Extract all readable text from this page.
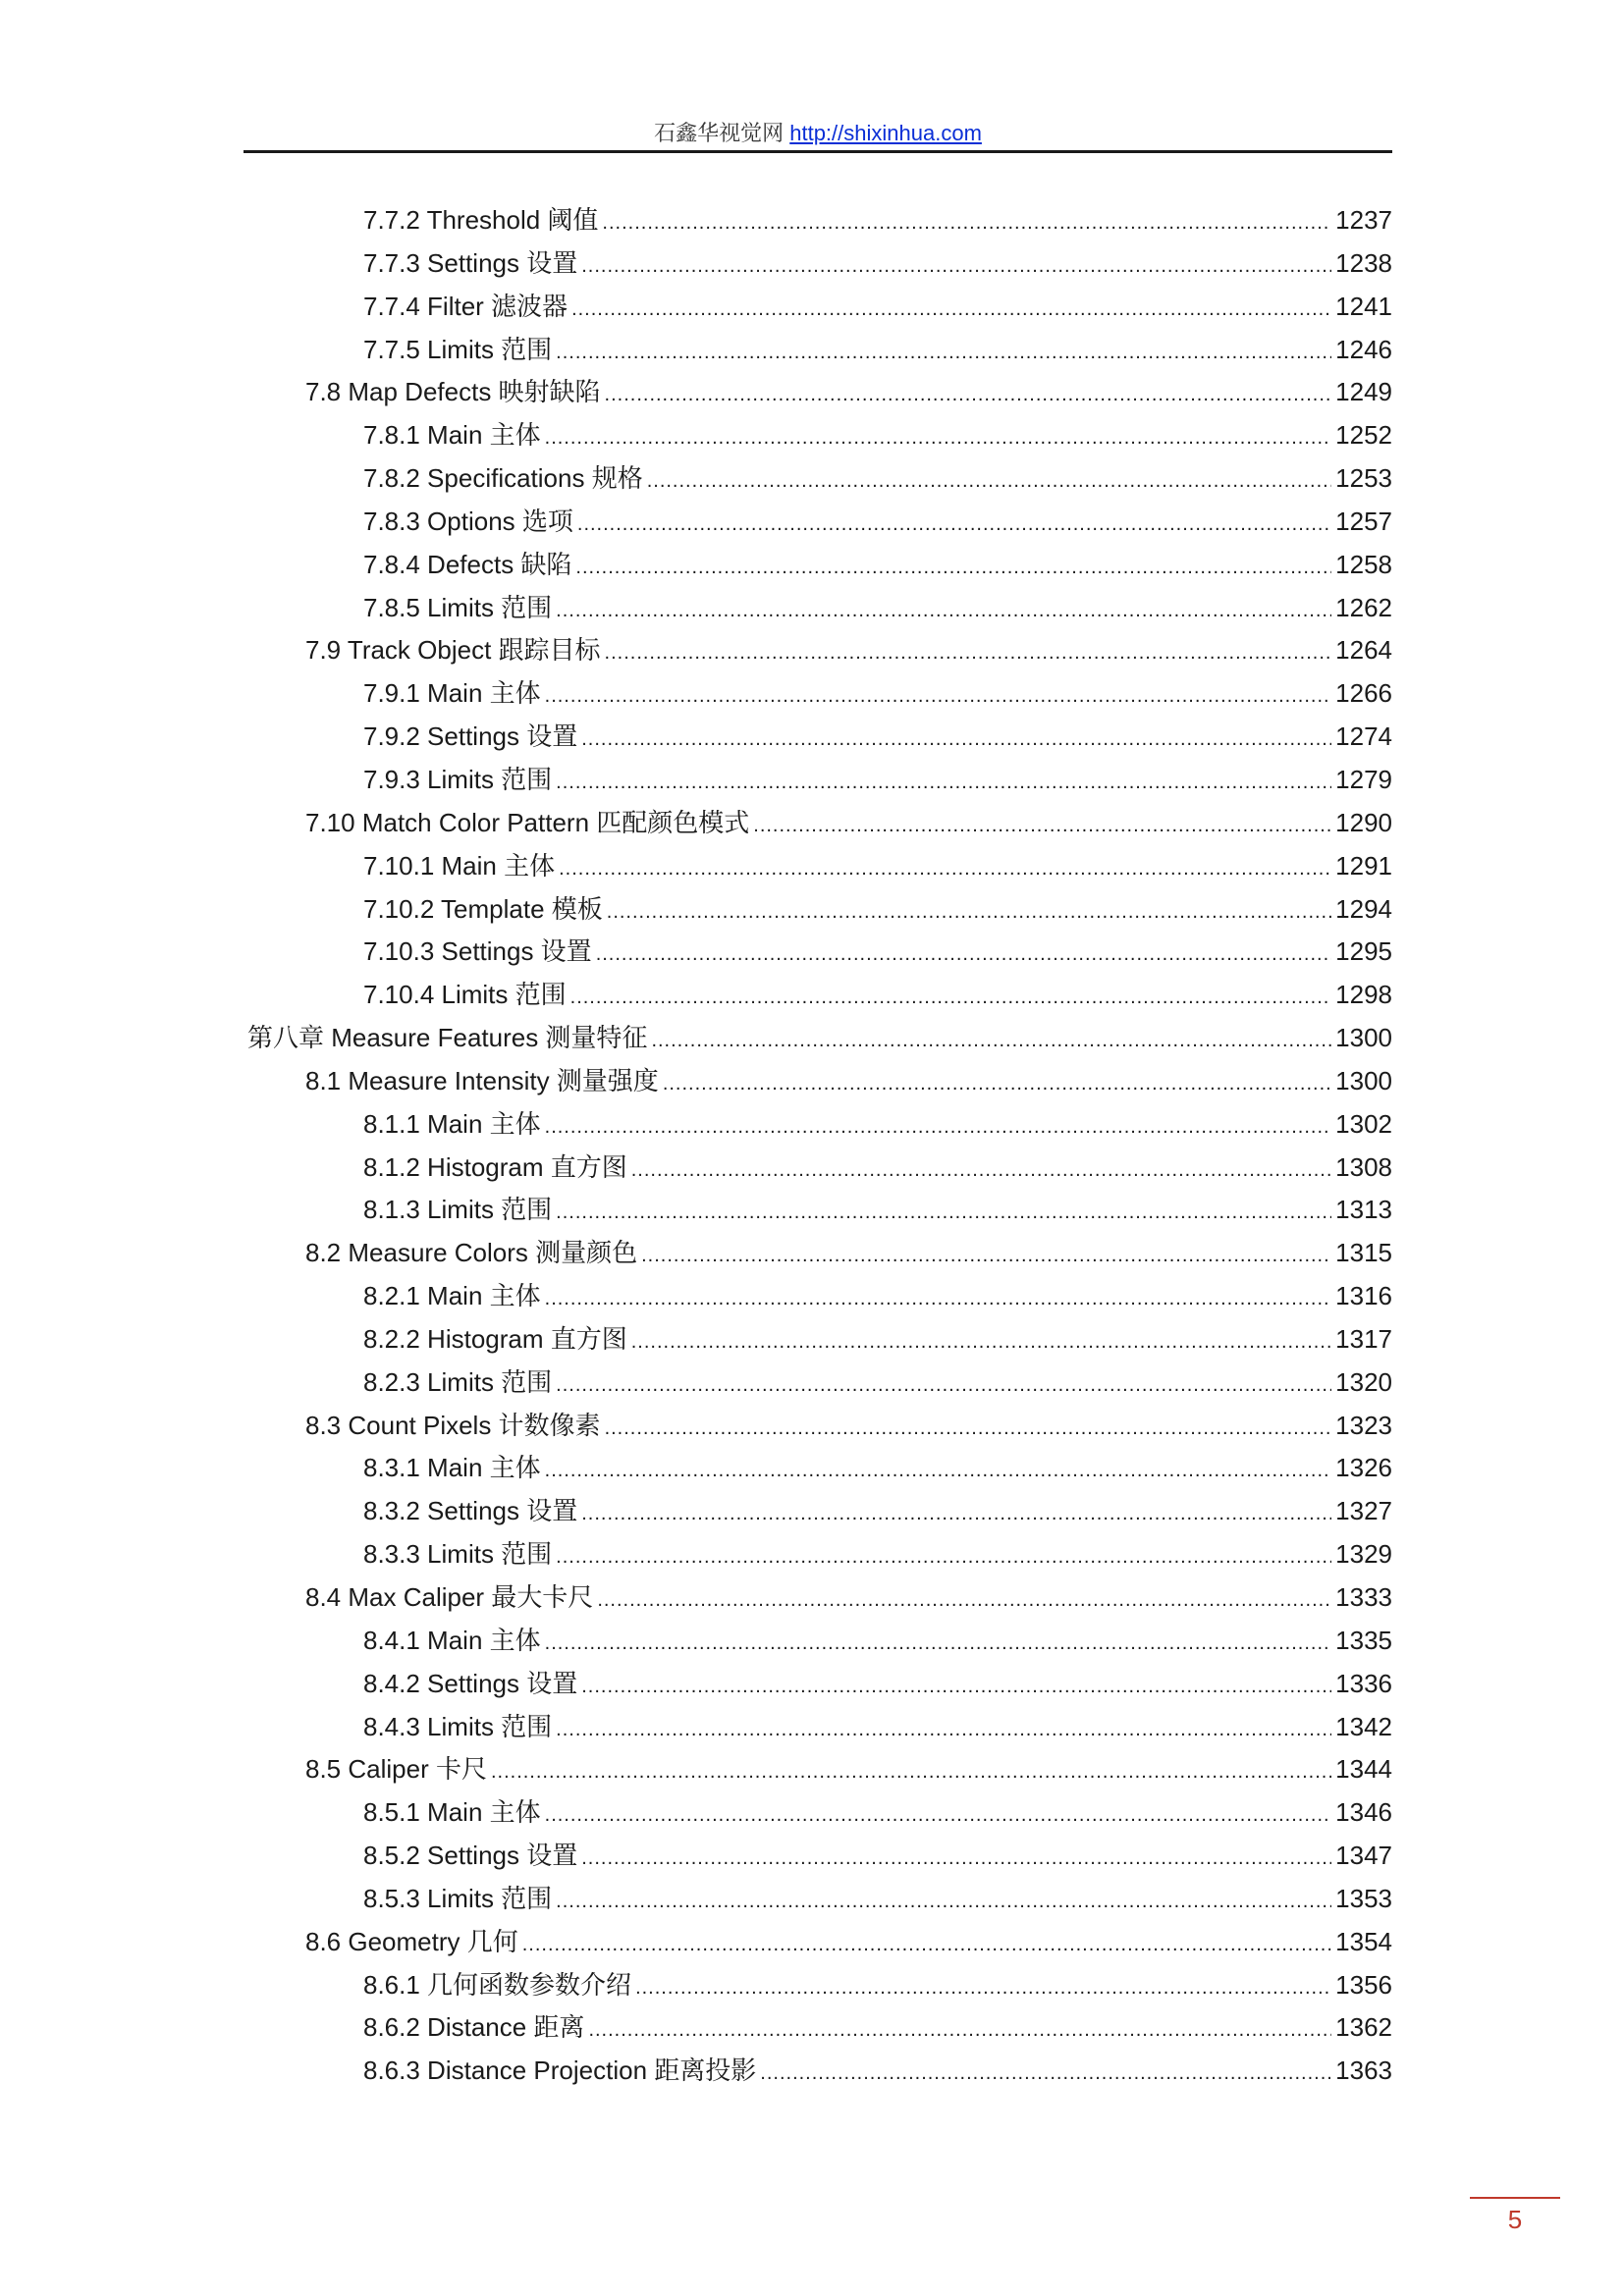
石鑫华视觉网 http://shixinhua.com
7.7.2 Threshold 阈值 .....	1237
7.7.3 Settings 设置 .....	1238
7.7.4 Filter 滤波器 .....	1241
7.7.5 Limits 范围 .....	1246
7.8 Map Defects 映射缺陷 .....	1249
7.8.1 Main 主体 .....	1252
7.8.2 Specifications 规格 .....	1253
7.8.3 Options 选项 .....	1257
7.8.4 Defects 缺陷 .....	1258
7.8.5 Limits 范围 .....	1262
7.9 Track Object 跟踪目标 .....	1264
7.9.1 Main 主体 .....	1266
7.9.2 Settings 设置 .....	1274
7.9.3 Limits 范围 .....	1279
7.10 Match Color Pattern 匹配颜色模式 .....	1290
7.10.1 Main 主体 .....	1291
7.10.2 Template 模板 .....	1294
7.10.3 Settings 设置 .....	1295
7.10.4 Limits 范围 .....	1298
第八章 Measure Features 测量特征 .....	1300
8.1 Measure Intensity 测量强度 .....	1300
8.1.1 Main 主体 .....	1302
8.1.2 Histogram 直方图 .....	1308
8.1.3 Limits 范围 .....	1313
8.2 Measure Colors 测量颜色 .....	1315
8.2.1 Main 主体 .....	1316
8.2.2 Histogram 直方图 .....	1317
8.2.3 Limits 范围 .....	1320
8.3 Count Pixels 计数像素 .....	1323
8.3.1 Main 主体 .....	1326
8.3.2 Settings 设置 .....	1327
8.3.3 Limits 范围 .....	1329
8.4 Max Caliper 最大卡尺 .....	1333
8.4.1 Main 主体 .....	1335
8.4.2 Settings 设置 .....	1336
8.4.3 Limits 范围 .....	1342
8.5 Caliper 卡尺 .....	1344
8.5.1 Main 主体 .....	1346
8.5.2 Settings 设置 .....	1347
8.5.3 Limits 范围 .....	1353
8.6 Geometry 几何 .....	1354
8.6.1 几何函数参数介绍 .....	1356
8.6.2 Distance 距离 .....	1362
8.6.3 Distance Projection 距离投影 .....	1363
5
